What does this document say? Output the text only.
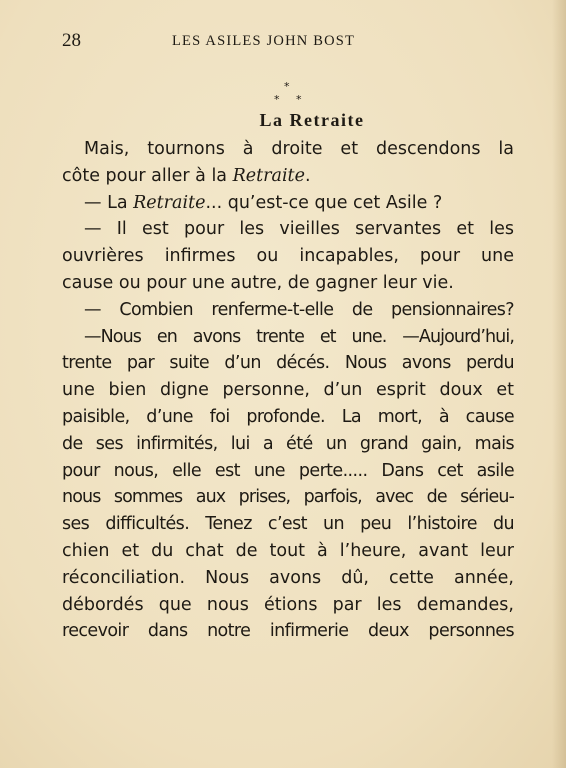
28	LES ASILES JOHN BOST
*
* *
La Retraite
Mais, tournons à droite et descendons la
côte pour aller à la Retraite.
— La Retraite... qu’est-ce que cet Asile ?
— Il est pour les vieilles servantes et les
ouvrières infirmes ou incapables, pour une
cause ou pour une autre, de gagner leur vie.
— Combien renferme-t-elle de pensionnaires?
—Nous en avons trente et une. —Aujourd’hui,
trente par suite d’un décés. Nous avons perdu
une bien digne personne, d’un esprit doux et
paisible, d’une foi profonde. La mort, à cause
de ses infirmités, lui a été un grand gain, mais
pour nous, elle est une perte..... Dans cet asile
nous sommes aux prises, parfois, avec de sérieu-
ses difficultés. Tenez c’est un peu l’histoire du
chien et du chat de tout à l’heure, avant leur
réconciliation. Nous avons dû, cette année,
débordés que nous étions par les demandes,
recevoir dans notre infirmerie deux personnes
